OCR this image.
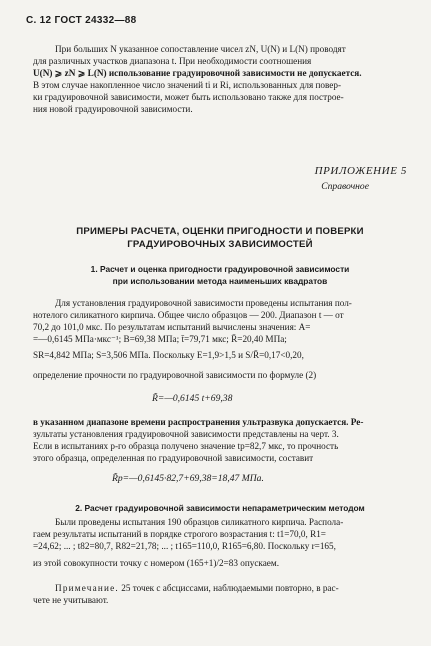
С. 12 ГОСТ 24332—88
При больших N указанное сопоставление чисел zN, U(N) и L(N) проводят
для различных участков диапазона t. При необходимости соотношения
U(N) ⩾ zN ⩾ L(N) использование градуировочной зависимости не допускается.
В этом случае накопленное число значений ti и Ri, использованных для повер-
ки градуировочной зависимости, может быть использовано также для построе-
ния новой градуировочной зависимости.
ПРИЛОЖЕНИЕ 5
Справочное
ПРИМЕРЫ РАСЧЕТА, ОЦЕНКИ ПРИГОДНОСТИ И ПОВЕРКИ
ГРАДУИРОВОЧНЫХ ЗАВИСИМОСТЕЙ
1. Расчет и оценка пригодности градуировочной зависимости
при использовании метода наименьших квадратов
Для установления градуировочной зависимости проведены испытания пол-
нотелого силикатного кирпича. Общее число образцов — 200. Диапазон t — от
70,2 до 101,0 мкс. По результатам испытаний вычислены значения: A=
=—0,6145 МПа·мкс⁻¹; B=69,38 МПа; t̄=79,71 мкс; R̄=20,40 МПа;
SR=4,842 МПа; S=3,506 МПа. Поскольку E=1,9>1,5 и S/R̄=0,17<0,20,
определение прочности по градуировочной зависимости по формуле (2)
R̃=—0,6145 t+69,38
в указанном диапазоне времени распространения ультразвука допускается. Ре-
зультаты установления градуировочной зависимости представлены на черт. 3.
Если в испытаниях p-го образца получено значение tp=82,7 мкс, то прочность
этого образца, определенная по градуировочной зависимости, составит
R̃p=—0,6145·82,7+69,38=18,47 МПа.
2. Расчет градуировочной зависимости непараметрическим методом
Были проведены испытания 190 образцов силикатного кирпича. Распола-
гаем результаты испытаний в порядке строгого возрастания t: t1=70,0, R1=
=24,62; ... ; t82=80,7, R82=21,78; ... ; t165=110,0, R165=6,80. Поскольку r=165,
из этой совокупности точку с номером (165+1)/2=83 опускаем.
Примечание. 25 точек с абсциссами, наблюдаемыми повторно, в рас-
чете не учитывают.
